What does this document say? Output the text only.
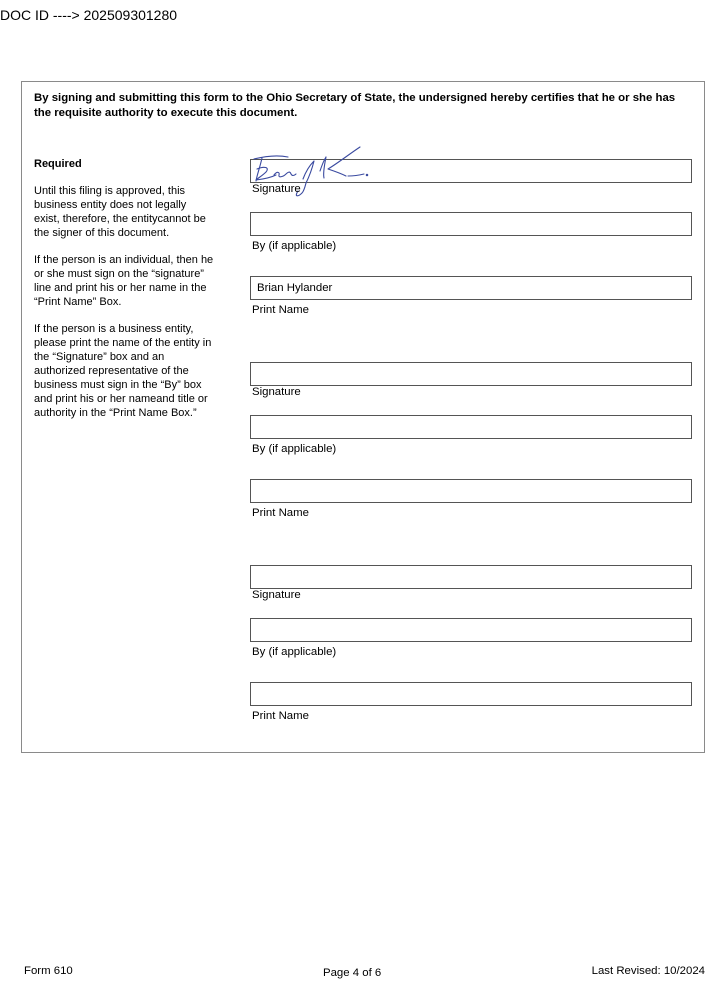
DOC ID ----> 202509301280
By signing and submitting this form to the Ohio Secretary of State, the undersigned hereby certifies that he or she has the requisite authority to execute this document.

Required

Until this filing is approved, this business entity does not legally exist, therefore, the entitycannot be the signer of this document.

If the person is an individual, then he or she must sign on the “signature” line and print his or her name in the “Print Name” Box.

If the person is a business entity, please print the name of the entity in the “Signature” box and an authorized representative of the business must sign in the “By” box and print his or her nameand title or authority in the “Print Name Box.”

Signature
By (if applicable)
Brian Hylander
Print Name
Signature
By (if applicable)
Print Name
Signature
By (if applicable)
Print Name
Form 610	Page 4 of 6	Last Revised: 10/2024
